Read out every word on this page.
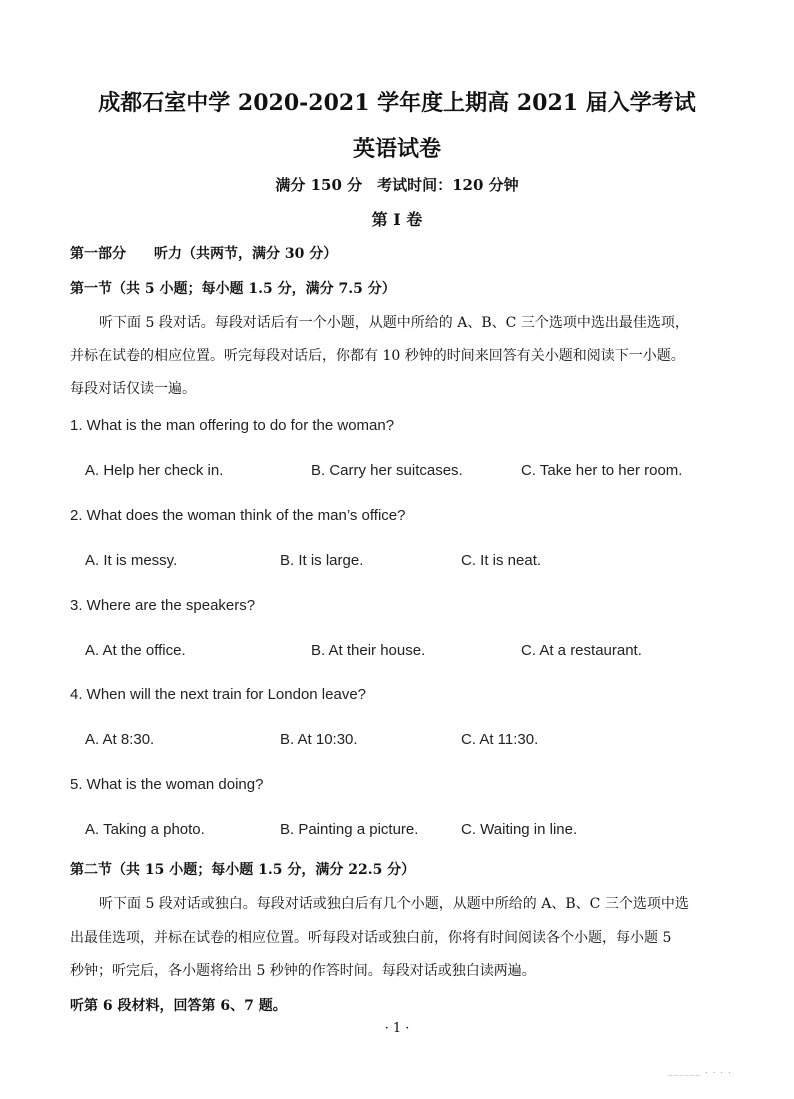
成都石室中学 2020-2021 学年度上期高 2021 届入学考试
英语试卷
满分 150 分　考试时间：120 分钟
第 I 卷
第一部分　　听力（共两节，满分 30 分）
第一节（共 5 小题；每小题 1.5 分，满分 7.5 分）
听下面 5 段对话。每段对话后有一个小题，从题中所给的 A、B、C 三个选项中选出最佳选项，
并标在试卷的相应位置。听完每段对话后，你都有 10 秒钟的时间来回答有关小题和阅读下一小题。
每段对话仅读一遍。
1. What is the man offering to do for the woman?
A. Help her check in.	B. Carry her suitcases.	C. Take her to her room.
2. What does the woman think of the man’s office?
A. It is messy.	B. It is large.	C. It is neat.
3. Where are the speakers?
A. At the office.	B. At their house.	C. At a restaurant.
4. When will the next train for London leave?
A. At 8:30.	B. At 10:30.	C. At 11:30.
5. What is the woman doing?
A. Taking a photo.	B. Painting a picture.	C. Waiting in line.
第二节（共 15 小题；每小题 1.5 分，满分 22.5 分）
听下面 5 段对话或独白。每段对话或独白后有几个小题，从题中所给的 A、B、C 三个选项中选
出最佳选项，并标在试卷的相应位置。听每段对话或独白前，你将有时间阅读各个小题，每小题 5
秒钟；听完后，各小题将给出 5 秒钟的作答时间。每段对话或独白读两遍。
听第 6 段材料，回答第 6、7 题。
· 1 ·
______ . . . .
